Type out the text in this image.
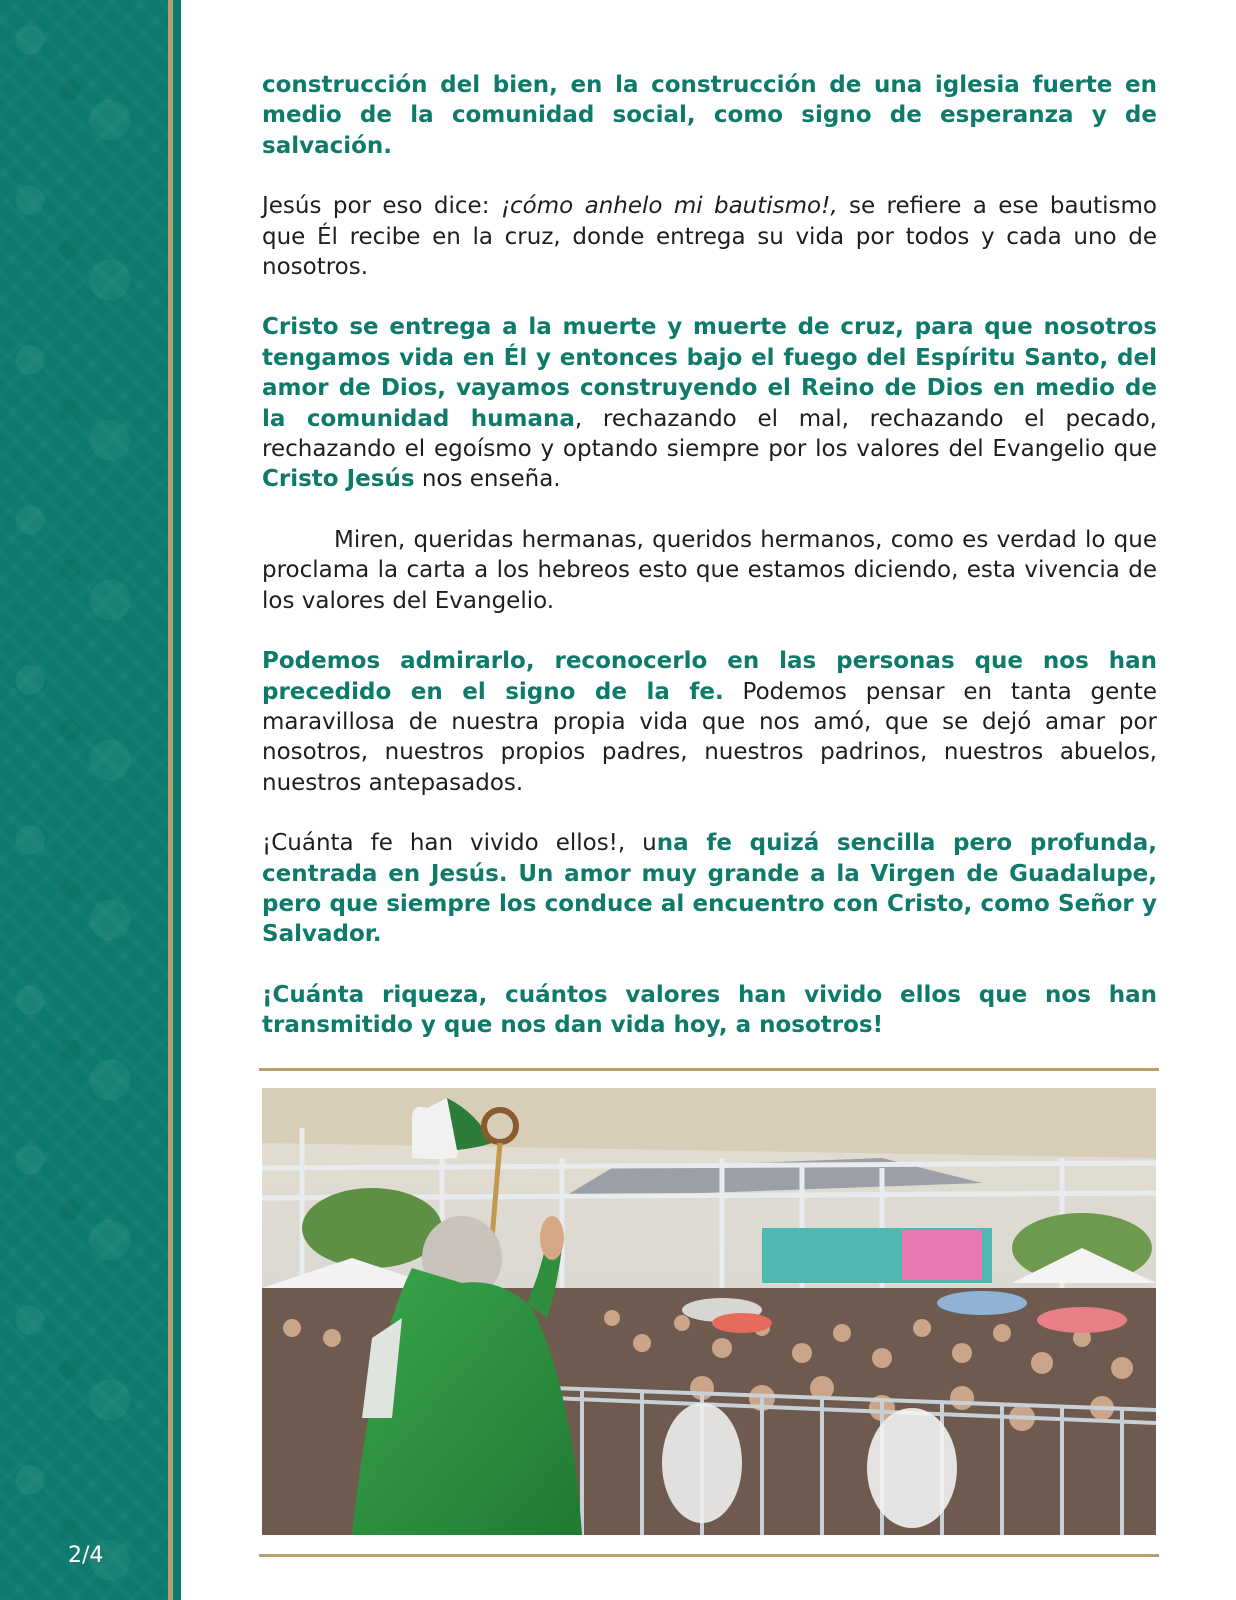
2/4

construcción del bien, en la construcción de una iglesia fuerte en medio de la comunidad social, como signo de esperanza y de salvación.

Jesús por eso dice: ¡cómo anhelo mi bautismo!, se refiere a ese bautismo que Él recibe en la cruz, donde entrega su vida por todos y cada uno de nosotros.

Cristo se entrega a la muerte y muerte de cruz, para que nosotros tengamos vida en Él y entonces bajo el fuego del Espíritu Santo, del amor de Dios, vayamos construyendo el Reino de Dios en medio de la comunidad humana, rechazando el mal, rechazando el pecado, rechazando el egoísmo y optando siempre por los valores del Evangelio que Cristo Jesús nos enseña.

Miren, queridas hermanas, queridos hermanos, como es verdad lo que proclama la carta a los hebreos esto que estamos diciendo, esta vivencia de los valores del Evangelio.

Podemos admirarlo, reconocerlo en las personas que nos han precedido en el signo de la fe. Podemos pensar en tanta gente maravillosa de nuestra propia vida que nos amó, que se dejó amar por nosotros, nuestros propios padres, nuestros padrinos, nuestros abuelos, nuestros antepasados.

¡Cuánta fe han vivido ellos!, una fe quizá sencilla pero profunda, centrada en Jesús. Un amor muy grande a la Virgen de Guadalupe, pero que siempre los conduce al encuentro con Cristo, como Señor y Salvador.

¡Cuánta riqueza, cuántos valores han vivido ellos que nos han transmitido y que nos dan vida hoy, a nosotros!
